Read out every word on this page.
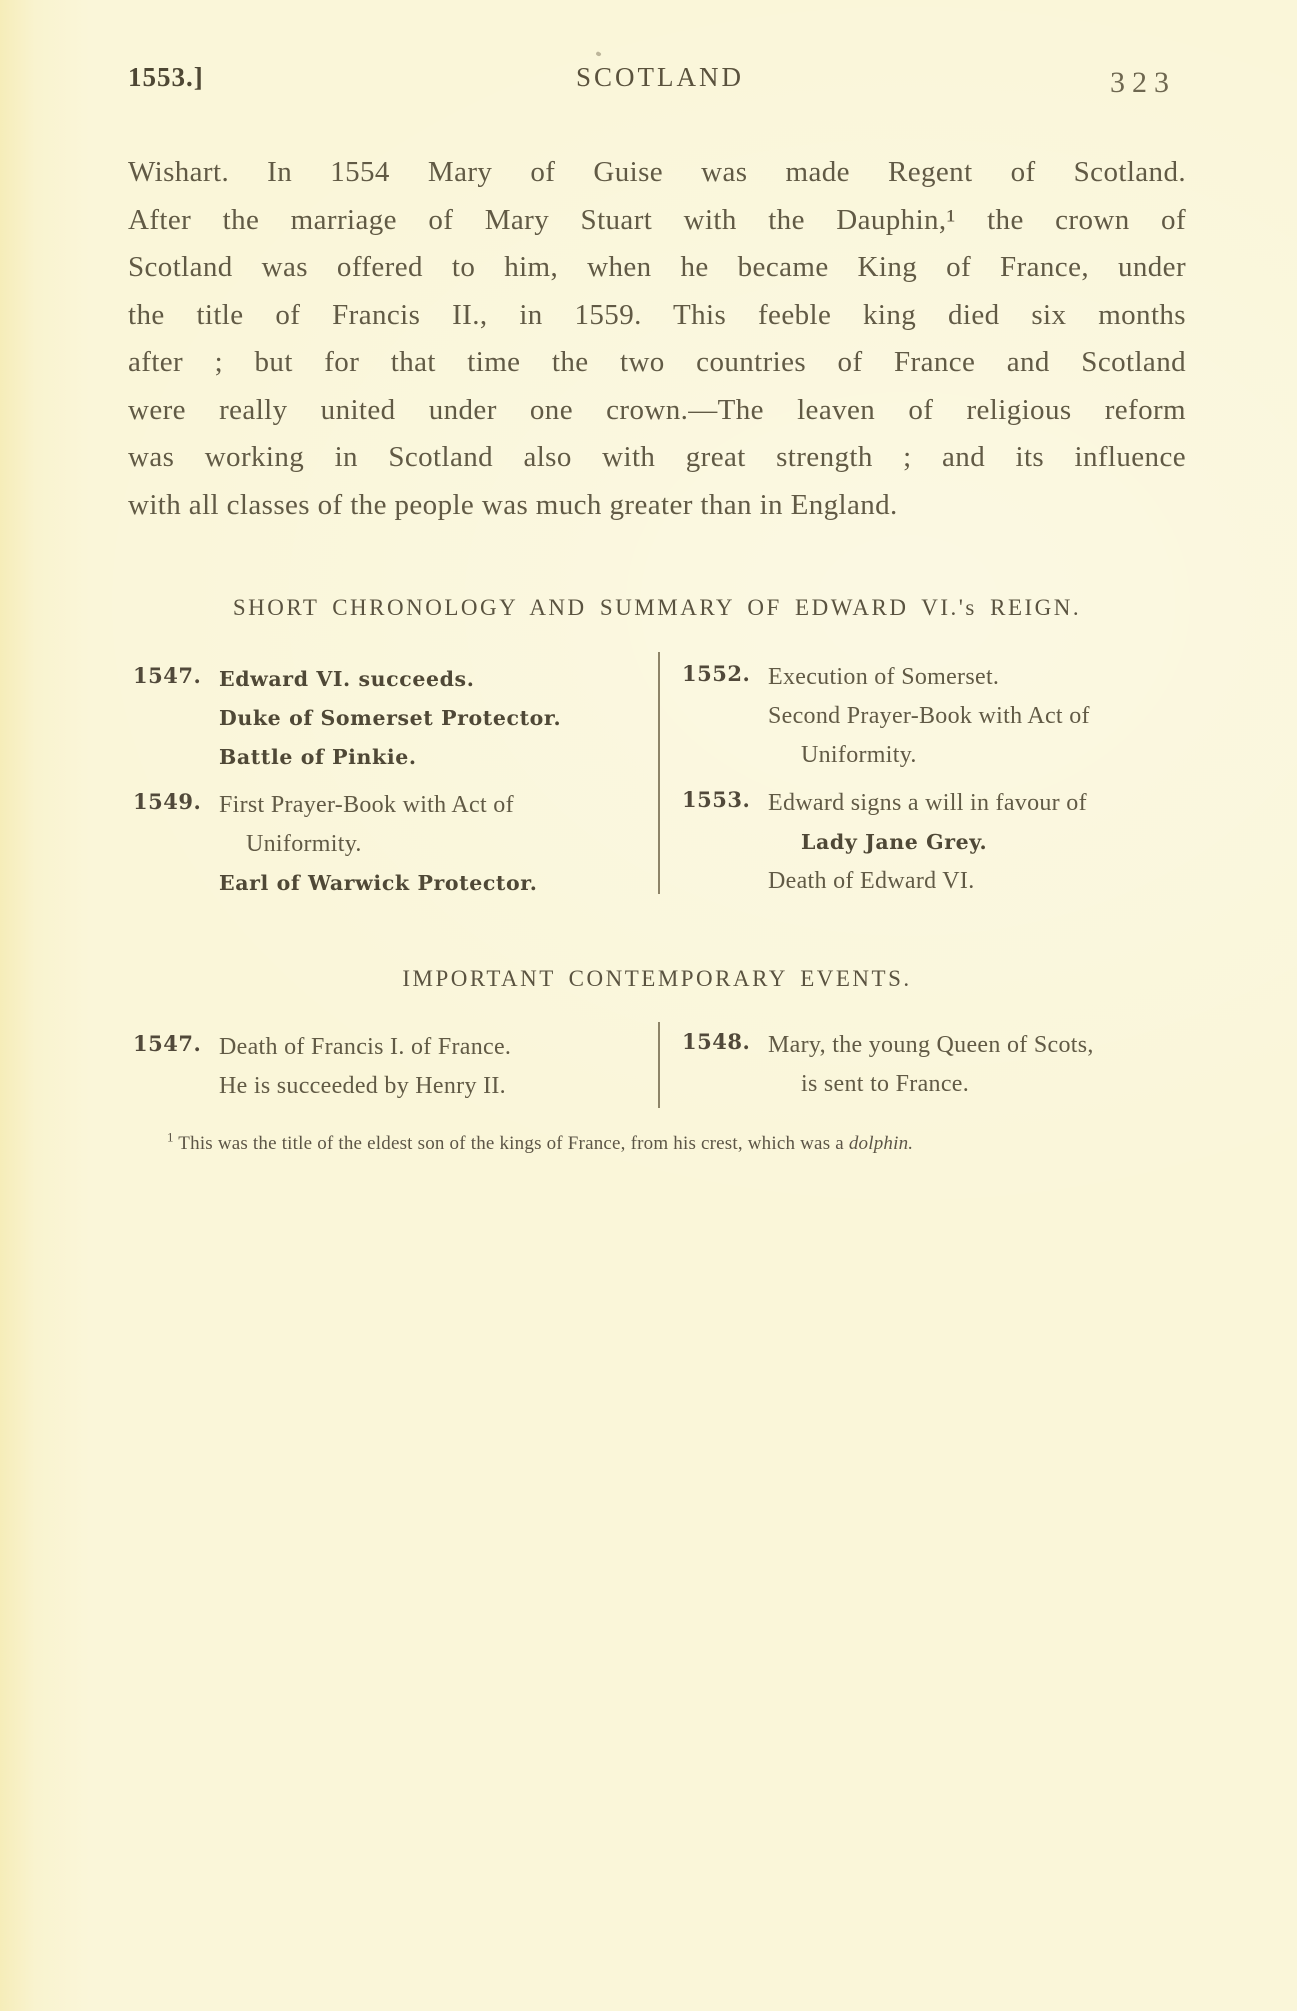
1553.]	SCOTLAND	323
Wishart. In 1554 Mary of Guise was made Regent of Scotland.
After the marriage of Mary Stuart with the Dauphin,¹ the crown of
Scotland was offered to him, when he became King of France, under
the title of Francis II., in 1559. This feeble king died six months
after ; but for that time the two countries of France and Scotland
were really united under one crown.—The leaven of religious reform
was working in Scotland also with great strength ; and its influence
with all classes of the people was much greater than in England.
SHORT CHRONOLOGY AND SUMMARY OF EDWARD VI.'s REIGN.
1547. Edward VI. succeeds.
Duke of Somerset Protector.
Battle of Pinkie.
1549. First Prayer-Book with Act of
Uniformity.
Earl of Warwick Protector.
1552. Execution of Somerset.
Second Prayer-Book with Act of
Uniformity.
1553. Edward signs a will in favour of
Lady Jane Grey.
Death of Edward VI.
IMPORTANT CONTEMPORARY EVENTS.
1547. Death of Francis I. of France.
He is succeeded by Henry II.
1548. Mary, the young Queen of Scots,
is sent to France.
$^1$ This was the title of the eldest son of the kings of France, from his crest, which was a dolphin.
